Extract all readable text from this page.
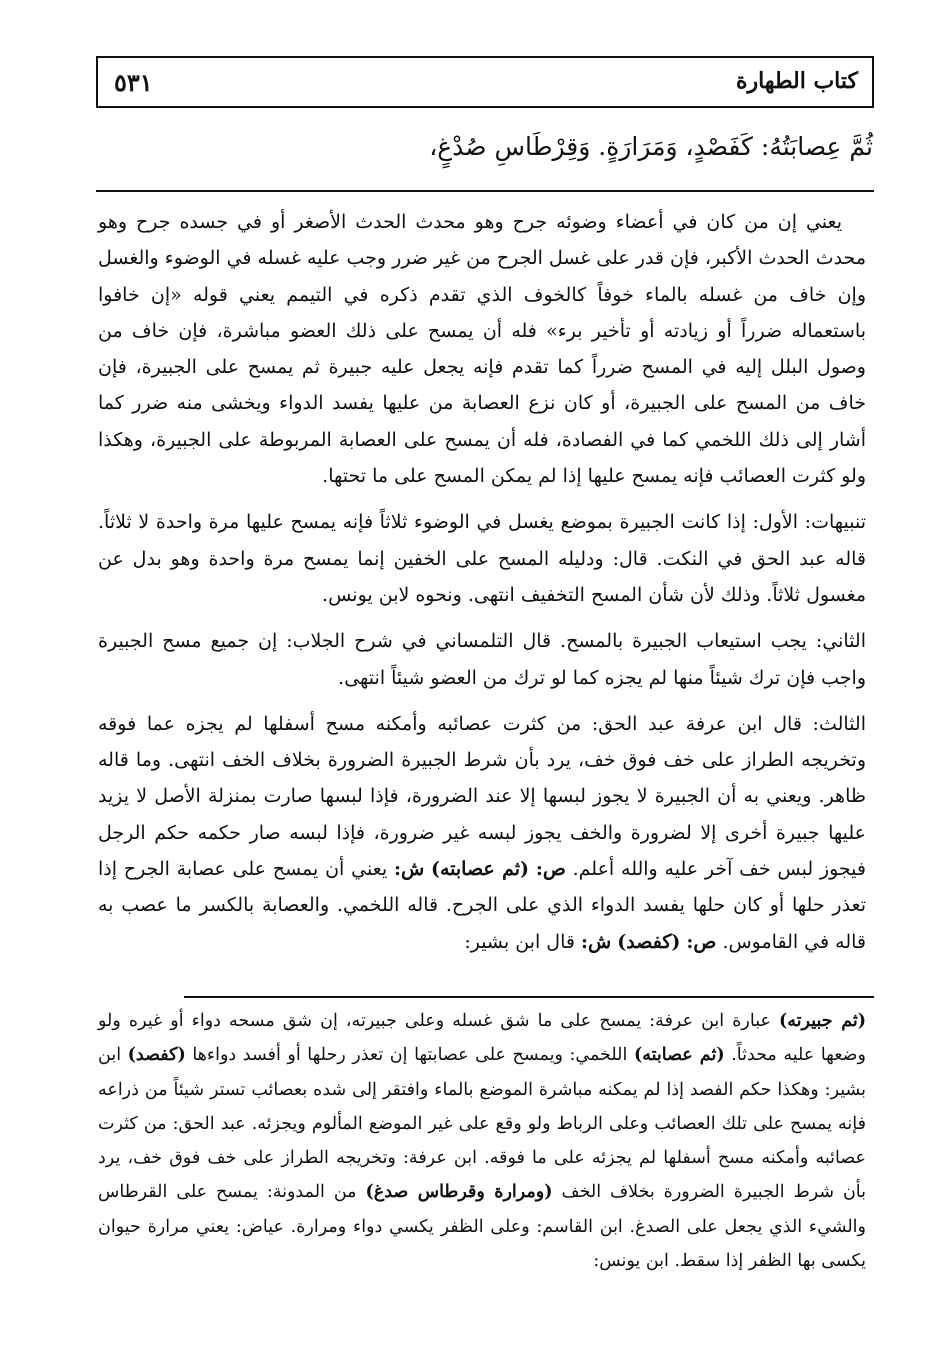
٥٣١	كتاب الطهارة
ثُمَّ عِصابَتُهُ: كَفَصْدٍ، وَمَرَارَةٍ. وَقِرْطَاسِ صُدْغٍ،

يعني إن من كان في أعضاء وضوئه جرح وهو محدث الحدث الأصغر أو في جسده جرح وهو محدث الحدث الأكبر، فإن قدر على غسل الجرح من غير ضرر وجب عليه غسله في الوضوء والغسل وإن خاف من غسله بالماء خوفاً كالخوف الذي تقدم ذكره في التيمم يعني قوله «إن خافوا باستعماله ضرراً أو زيادته أو تأخير برء» فله أن يمسح على ذلك العضو مباشرة، فإن خاف من وصول البلل إليه في المسح ضرراً كما تقدم فإنه يجعل عليه جبيرة ثم يمسح على الجبيرة، فإن خاف من المسح على الجبيرة، أو كان نزع العصابة من عليها يفسد الدواء ويخشى منه ضرر كما أشار إلى ذلك اللخمي كما في الفصادة، فله أن يمسح على العصابة المربوطة على الجبيرة، وهكذا ولو كثرت العصائب فإنه يمسح عليها إذا لم يمكن المسح على ما تحتها.

تنبيهات: الأول: إذا كانت الجبيرة بموضع يغسل في الوضوء ثلاثاً فإنه يمسح عليها مرة واحدة لا ثلاثاً. قاله عبد الحق في النكت. قال: ودليله المسح على الخفين إنما يمسح مرة واحدة وهو بدل عن مغسول ثلاثاً. وذلك لأن شأن المسح التخفيف انتهى. ونحوه لابن يونس.

الثاني: يجب استيعاب الجبيرة بالمسح. قال التلمساني في شرح الجلاب: إن جميع مسح الجبيرة واجب فإن ترك شيئاً منها لم يجزه كما لو ترك من العضو شيئاً انتهى.

الثالث: قال ابن عرفة عبد الحق: من كثرت عصائبه وأمكنه مسح أسفلها لم يجزه عما فوقه وتخريجه الطراز على خف فوق خف، يرد بأن شرط الجبيرة الضرورة بخلاف الخف انتهى. وما قاله ظاهر. ويعني به أن الجبيرة لا يجوز لبسها إلا عند الضرورة، فإذا لبسها صارت بمنزلة الأصل لا يزيد عليها جبيرة أخرى إلا لضرورة والخف يجوز لبسه غير ضرورة، فإذا لبسه صار حكمه حكم الرجل فيجوز لبس خف آخر عليه والله أعلم. ص: (ثم عصابته) ش: يعني أن يمسح على عصابة الجرح إذا تعذر حلها أو كان حلها يفسد الدواء الذي على الجرح. قاله اللخمي. والعصابة بالكسر ما عصب به قاله في القاموس. ص: (كفصد) ش: قال ابن بشير:

(ثم جبيرته) عبارة ابن عرفة: يمسح على ما شق غسله وعلى جبيرته، إن شق مسحه دواء أو غيره ولو وضعها عليه محدثاً. (ثم عصابته) اللخمي: ويمسح على عصابتها إن تعذر رحلها أو أفسد دواءها (كفصد) ابن بشير: وهكذا حكم الفصد إذا لم يمكنه مباشرة الموضع بالماء وافتقر إلى شده بعصائب تستر شيئاً من ذراعه فإنه يمسح على تلك العصائب وعلى الرباط ولو وقع على غير الموضع المألوم ويجزئه. عبد الحق: من كثرت عصائبه وأمكنه مسح أسفلها لم يجزئه على ما فوقه. ابن عرفة: وتخريجه الطراز على خف فوق خف، يرد بأن شرط الجبيرة الضرورة بخلاف الخف (ومرارة وقرطاس صدغ) من المدونة: يمسح على القرطاس والشيء الذي يجعل على الصدغ. ابن القاسم: وعلى الظفر يكسي دواء ومرارة. عياض: يعني مرارة حيوان يكسى بها الظفر إذا سقط. ابن يونس:
